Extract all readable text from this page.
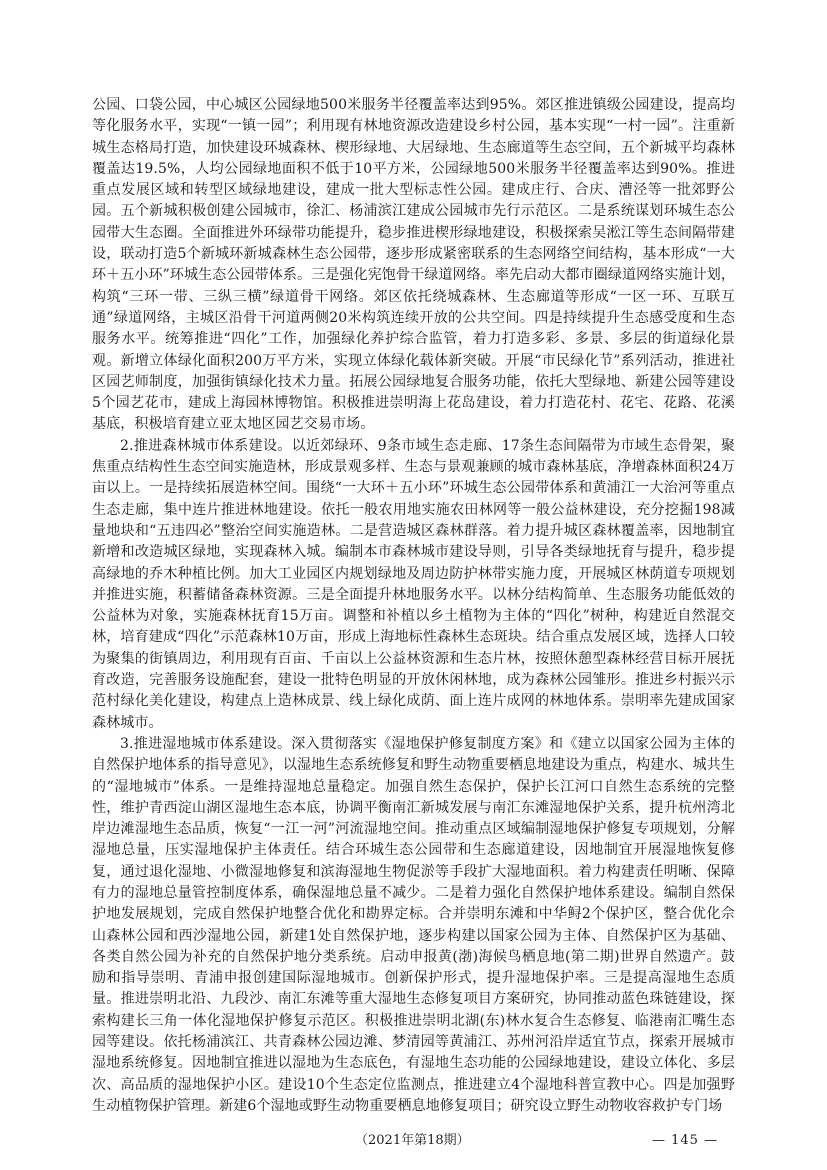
公园、口袋公园，中心城区公园绿地500米服务半径覆盖率达到95%。郊区推进镇级公园建设，提高均等化服务水平，实现“一镇一园”；利用现有林地资源改造建设乡村公园，基本实现“一村一园”。注重新城生态格局打造，加快建设环城森林、楔形绿地、大居绿地、生态廊道等生态空间，五个新城平均森林覆盖达19.5%，人均公园绿地面积不低于10平方米，公园绿地500米服务半径覆盖率达到90%。推进重点发展区域和转型区域绿地建设，建成一批大型标志性公园。建成庄行、合庆、漕泾等一批郊野公园。五个新城积极创建公园城市，徐汇、杨浦滨江建成公园城市先行示范区。二是系统谋划环城生态公园带大生态圈。全面推进外环绿带功能提升，稳步推进楔形绿地建设，积极探索吴淞江等生态间隔带建设，联动打造5个新城环新城森林生态公园带，逐步形成紧密联系的生态网络空间结构，基本形成“一大环＋五小环”环城生态公园带体系。三是强化宪饱骨干绿道网络。率先启动大都市圈绿道网络实施计划，构筑“三环一带、三纵三横”绿道骨干网络。郊区依托绕城森林、生态廊道等形成“一区一环、互联互通”绿道网络，主城区沿骨干河道两侧20米构筑连续开放的公共空间。四是持续提升生态感受度和生态服务水平。统筹推进“四化”工作，加强绿化养护综合监管，着力打造多彩、多景、多层的街道绿化景观。新增立体绿化面积200万平方米，实现立体绿化载体新突破。开展“市民绿化节”系列活动，推进社区园艺师制度，加强街镇绿化技术力量。拓展公园绿地复合服务功能，依托大型绿地、新建公园等建设5个园艺花市，建成上海园林博物馆。积极推进崇明海上花岛建设，着力打造花村、花宅、花路、花溪基底，积极培育建立亚太地区园艺交易市场。

2.推进森林城市体系建设。以近郊绿环、9条市域生态走廊、17条生态间隔带为市域生态骨架，聚焦重点结构性生态空间实施造林，形成景观多样、生态与景观兼顾的城市森林基底，净增森林面积24万亩以上。一是持续拓展造林空间。围绕“一大环＋五小环”环城生态公园带体系和黄浦江一大治河等重点生态走廊，集中连片推进林地建设。依托一般农用地实施农田林网等一般公益林建设，充分挖掘198减量地块和“五违四必”整治空间实施造林。二是营造城区森林群落。着力提升城区森林覆盖率，因地制宜新增和改造城区绿地，实现森林入城。编制本市森林城市建设导则，引导各类绿地抚育与提升，稳步提高绿地的乔木种植比例。加大工业园区内规划绿地及周边防护林带实施力度，开展城区林荫道专项规划并推进实施，积蓄储备森林资源。三是全面提升林地服务水平。以林分结构简单、生态服务功能低效的公益林为对象，实施森林抚育15万亩。调整和补植以乡土植物为主体的“四化”树种，构建近自然混交林，培育建成“四化”示范森林10万亩，形成上海地标性森林生态斑块。结合重点发展区域，选择人口较为聚集的街镇周边，利用现有百亩、千亩以上公益林资源和生态片林，按照休憩型森林经营目标开展抚育改造，完善服务设施配套，建设一批特色明显的开放休闲林地，成为森林公园雏形。推进乡村振兴示范村绿化美化建设，构建点上造林成景、线上绿化成荫、面上连片成网的林地体系。崇明率先建成国家森林城市。

3.推进湿地城市体系建设。深入贯彻落实《湿地保护修复制度方案》和《建立以国家公园为主体的自然保护地体系的指导意见》，以湿地生态系统修复和野生动物重要栖息地建设为重点，构建水、城共生的“湿地城市”体系。一是维持湿地总量稳定。加强自然生态保护，保护长江河口自然生态系统的完整性，维护青西淀山湖区湿地生态本底，协调平衡南汇新城发展与南汇东滩湿地保护关系，提升杭州湾北岸边滩湿地生态品质，恢复“一江一河”河流湿地空间。推动重点区域编制湿地保护修复专项规划，分解湿地总量，压实湿地保护主体责任。结合环城生态公园带和生态廊道建设，因地制宜开展湿地恢复修复，通过退化湿地、小微湿地修复和滨海湿地生物促淤等手段扩大湿地面积。着力构建责任明晰、保障有力的湿地总量管控制度体系，确保湿地总量不减少。二是着力强化自然保护地体系建设。编制自然保护地发展规划，完成自然保护地整合优化和勘界定标。合并崇明东滩和中华鲟2个保护区，整合优化佘山森林公园和西沙湿地公园，新建1处自然保护地，逐步构建以国家公园为主体、自然保护区为基础、各类自然公园为补充的自然保护地分类系统。启动申报黄(渤)海候鸟栖息地(第二期)世界自然遗产。鼓励和指导崇明、青浦申报创建国际湿地城市。创新保护形式，提升湿地保护率。三是提高湿地生态质量。推进崇明北沿、九段沙、南汇东滩等重大湿地生态修复项目方案研究，协同推动蓝色珠链建设，探索构建长三角一体化湿地保护修复示范区。积极推进崇明北湖(东)林水复合生态修复、临港南汇嘴生态园等建设。依托杨浦滨江、共青森林公园边滩、梦清园等黄浦江、苏州河沿岸适宜节点，探索开展城市湿地系统修复。因地制宜推进以湿地为生态底色，有湿地生态功能的公园绿地建设，建设立体化、多层次、高品质的湿地保护小区。建设10个生态定位监测点，推进建立4个湿地科普宣教中心。四是加强野生动植物保护管理。新建6个湿地或野生动物重要栖息地修复项目；研究设立野生动物收容救护专门场

（2021年第18期）	— 145 —
